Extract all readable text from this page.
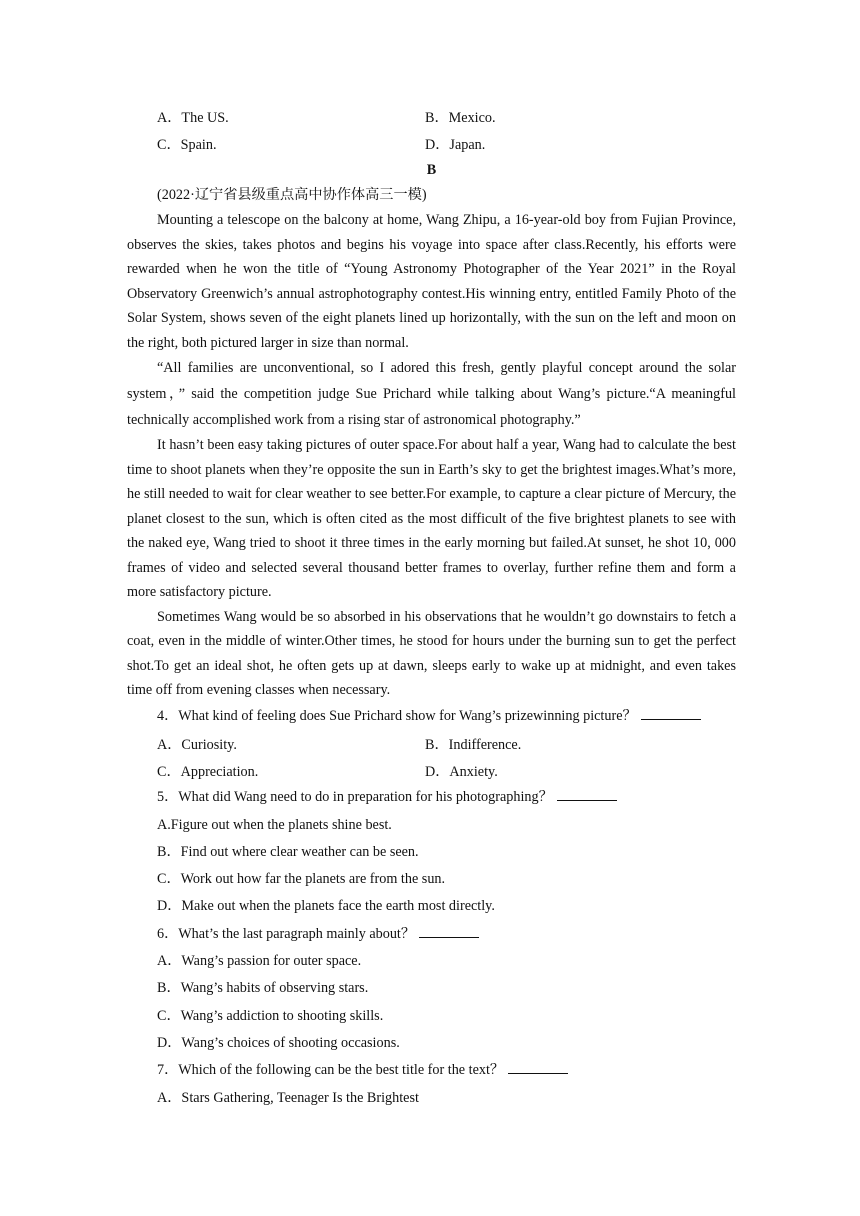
A．The US.	B．Mexico.
C．Spain.	D．Japan.
B
(2022·辽宁省县级重点高中协作体高三一模)

Mounting a telescope on the balcony at home, Wang Zhipu, a 16-year-old boy from Fujian Province, observes the skies, takes photos and begins his voyage into space after class.Recently, his efforts were rewarded when he won the title of “Young Astronomy Photographer of the Year 2021” in the Royal Observatory Greenwich’s annual astrophotography contest.His winning entry, entitled Family Photo of the Solar System, shows seven of the eight planets lined up horizontally, with the sun on the left and moon on the right, both pictured larger in size than normal.

“All families are unconventional, so I adored this fresh, gently playful concept around the solar system，” said the competition judge Sue Prichard while talking about Wang’s picture.“A meaningful technically accomplished work from a rising star of astronomical photography.”

It hasn’t been easy taking pictures of outer space.For about half a year, Wang had to calculate the best time to shoot planets when they’re opposite the sun in Earth’s sky to get the brightest images.What’s more, he still needed to wait for clear weather to see better.For example, to capture a clear picture of Mercury, the planet closest to the sun, which is often cited as the most difficult of the five brightest planets to see with the naked eye, Wang tried to shoot it three times in the early morning but failed.At sunset, he shot 10, 000 frames of video and selected several thousand better frames to overlay, further refine them and form a more satisfactory picture.

Sometimes Wang would be so absorbed in his observations that he wouldn’t go downstairs to fetch a coat, even in the middle of winter.Other times, he stood for hours under the burning sun to get the perfect shot.To get an ideal shot, he often gets up at dawn, sleeps early to wake up at midnight, and even takes time off from evening classes when necessary.

4．What kind of feeling does Sue Prichard show for Wang’s prizewinning picture？
A．Curiosity.	B．Indifference.
C．Appreciation.	D．Anxiety.
5．What did Wang need to do in preparation for his photographing？
A.Figure out when the planets shine best.
B．Find out where clear weather can be seen.
C．Work out how far the planets are from the sun.
D．Make out when the planets face the earth most directly.
6．What’s the last paragraph mainly about？
A．Wang’s passion for outer space.
B．Wang’s habits of observing stars.
C．Wang’s addiction to shooting skills.
D．Wang’s choices of shooting occasions.
7．Which of the following can be the best title for the text？
A．Stars Gathering, Teenager Is the Brightest
